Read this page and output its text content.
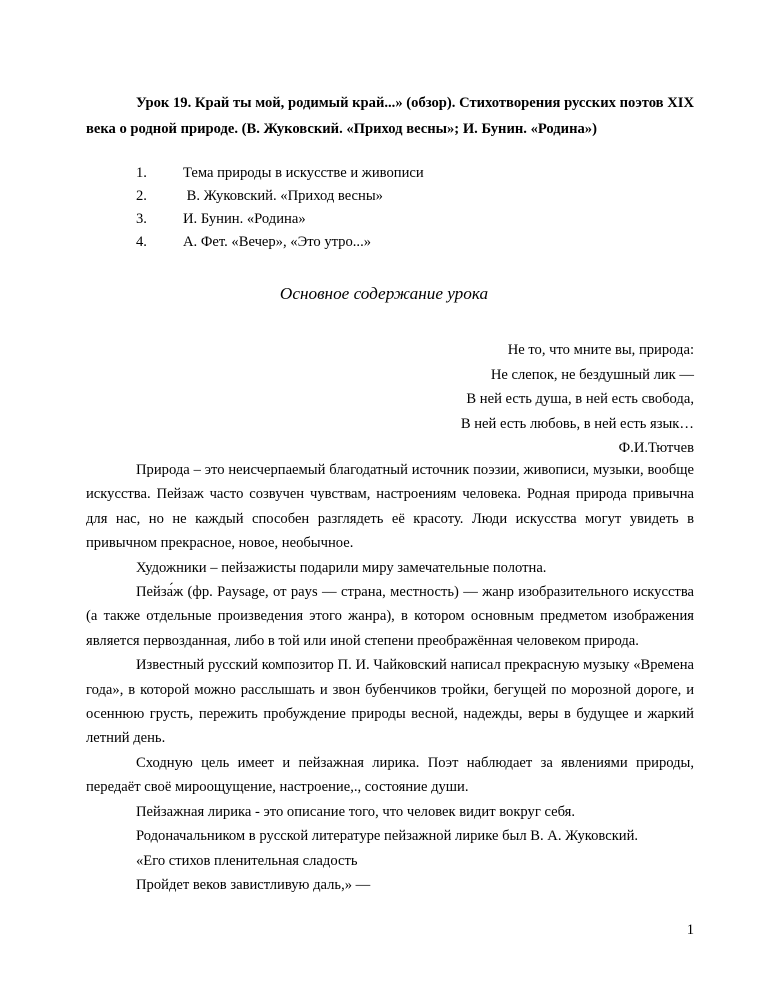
Урок 19. Край ты мой, родимый край...» (обзор). Стихотворения русских поэтов XIX века о родной природе. (В. Жуковский. «Приход весны»; И. Бунин. «Родина»)
1. Тема природы в искусстве и живописи
2. В. Жуковский. «Приход весны»
3. И. Бунин. «Родина»
4. А. Фет. «Вечер», «Это утро...»
Основное содержание урока
Не то, что мните вы, природа:
Не слепок, не бездушный лик —
В ней есть душа, в ней есть свобода,
В ней есть любовь, в ней есть язык…
Ф.И.Тютчев

Природа – это неисчерпаемый благодатный источник поэзии, живописи, музыки, вообще искусства. Пейзаж часто созвучен чувствам, настроениям человека. Родная природа привычна для нас, но не каждый способен разглядеть её красоту. Люди искусства могут увидеть в привычном прекрасное, новое, необычное.

Художники – пейзажисты подарили миру замечательные полотна.

Пейза́ж (фр. Paysage, от pays — страна, местность) — жанр изобразительного искусства (а также отдельные произведения этого жанра), в котором основным предметом изображения является первозданная, либо в той или иной степени преображённая человеком природа.

Известный русский композитор П. И. Чайковский написал прекрасную музыку «Времена года», в которой можно расслышать и звон бубенчиков тройки, бегущей по морозной дороге, и осеннюю грусть, пережить пробуждение природы весной, надежды, веры в будущее и жаркий летний день.

Сходную цель имеет и пейзажная лирика. Поэт наблюдает за явлениями природы, передаёт своё мироощущение, настроение,., состояние души.

Пейзажная лирика - это описание того, что человек видит вокруг себя.

Родоначальником в русской литературе пейзажной лирике был В. А. Жуковский.

«Его стихов пленительная сладость

Пройдет веков завистливую даль,» —

1
